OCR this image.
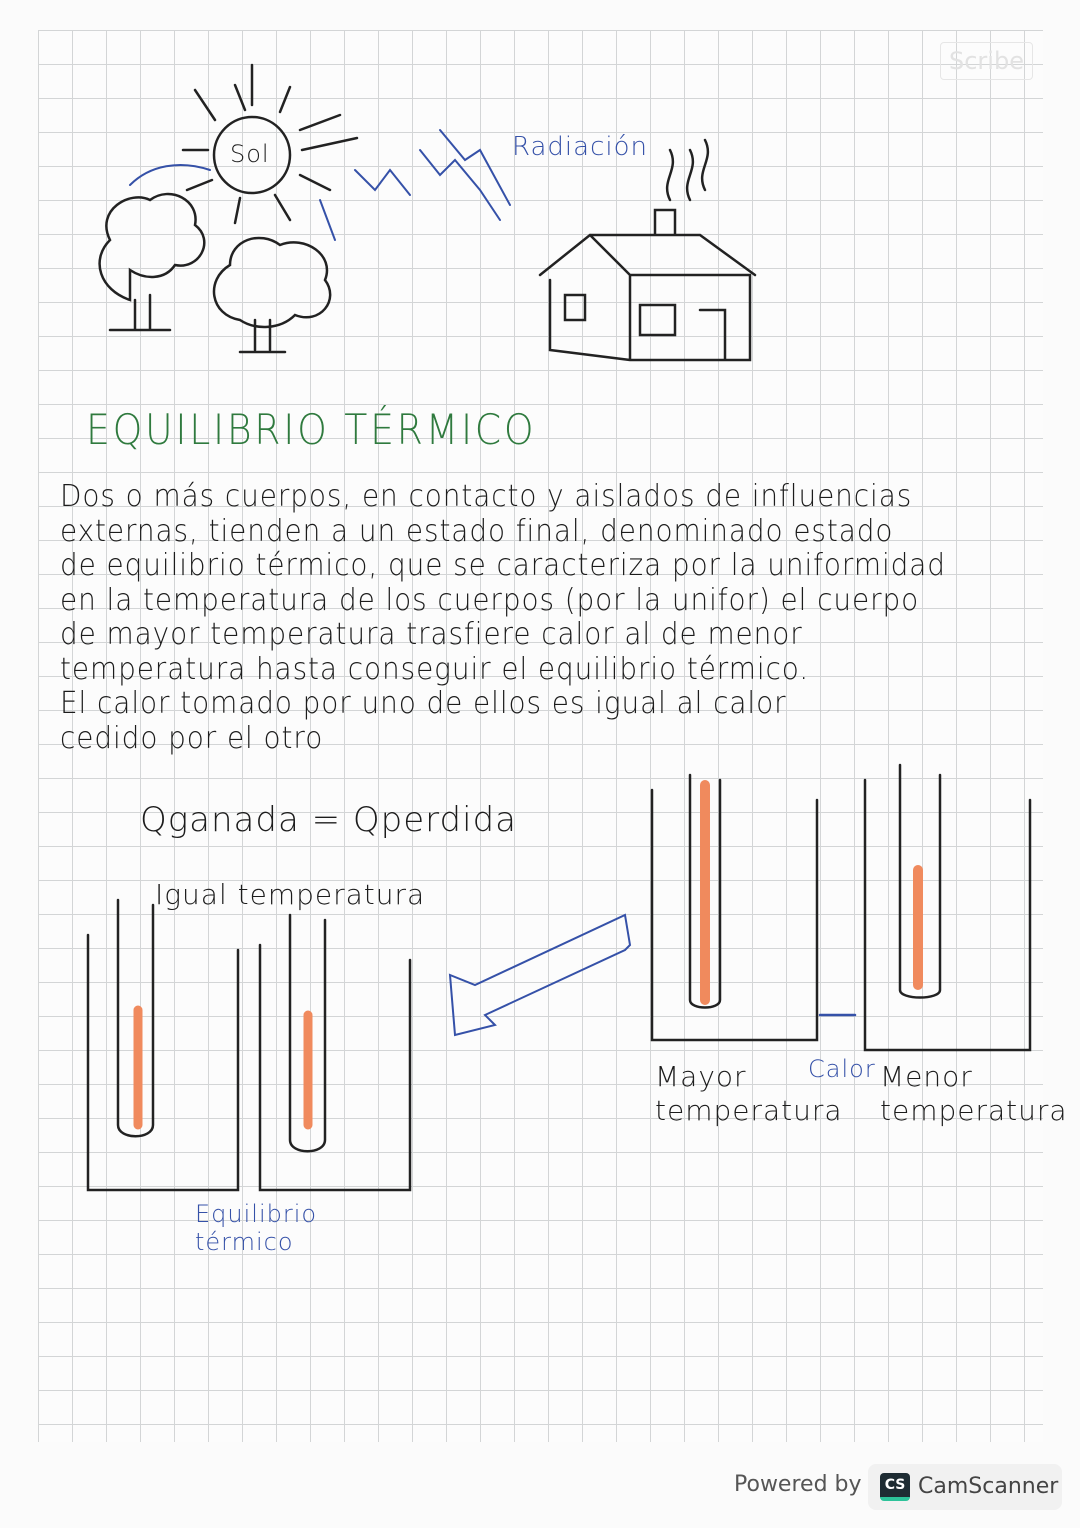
Scribe
Sol	Radiación
EQUILIBRIO TÉRMICO
Dos o más cuerpos, en contacto y aislados de influencias
externas, tienden a un estado final, denominado estado
de equilibrio térmico, que se caracteriza por la uniformidad
en la temperatura de los cuerpos (por la unifor) el cuerpo
de mayor temperatura trasfiere calor al de menor
temperatura hasta conseguir el equilibrio térmico.
El calor tomado por uno de ellos es igual al calor
cedido por el otro
Qganada = Qperdida
Igual temperatura
Equilibrio térmico
Mayor temperatura
Calor Menor temperatura
Powered by	CS CamScanner
